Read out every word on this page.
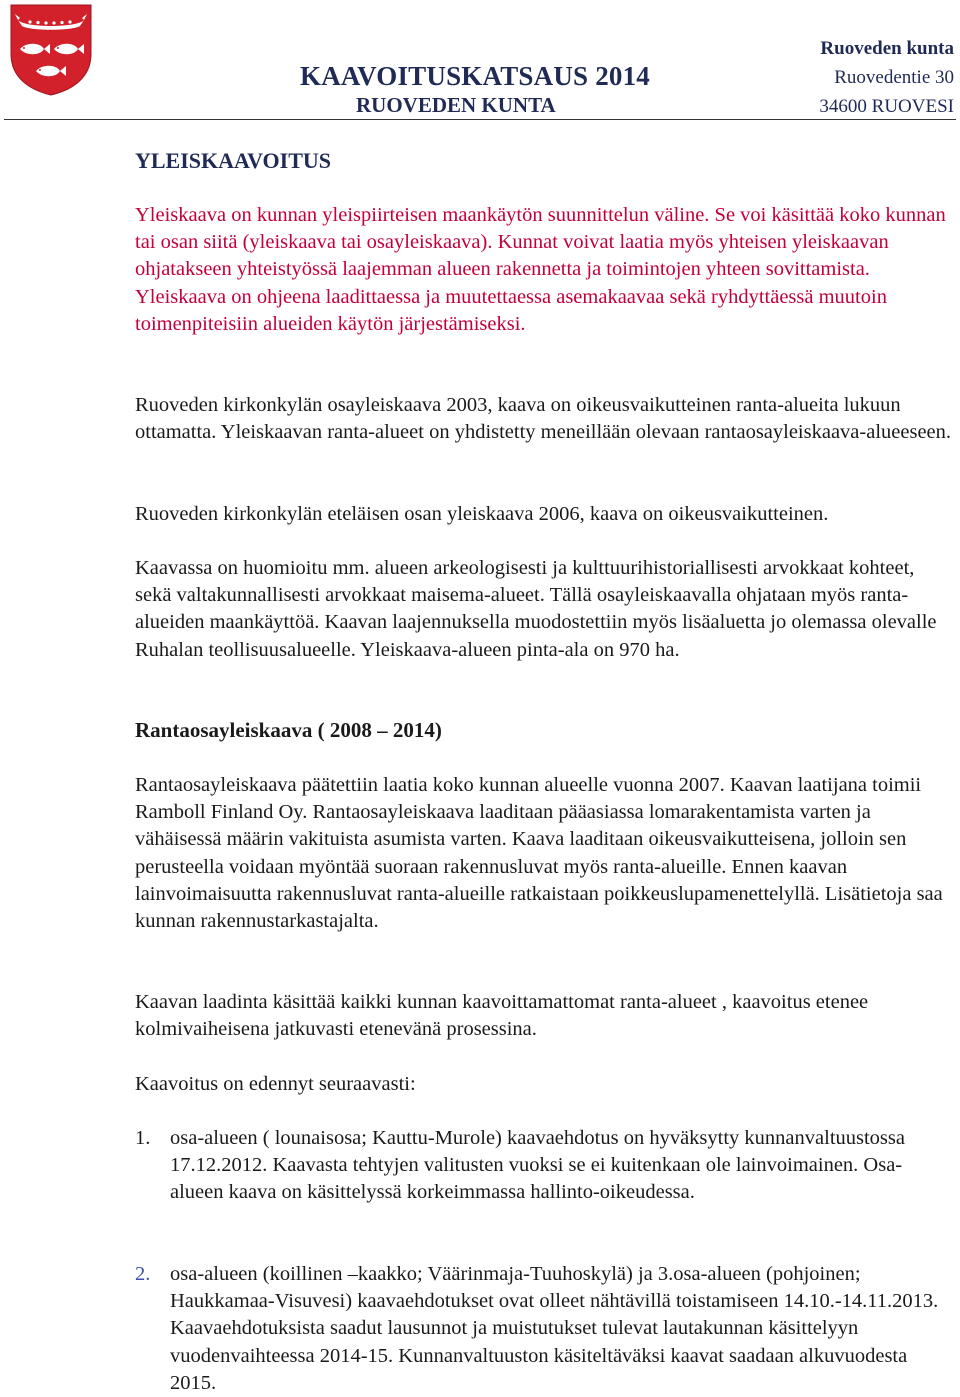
KAAVOITUSKATSAUS 2014
RUOVEDEN KUNTA
Ruoveden kunta
Ruovedentie 30
34600 RUOVESI
YLEISKAAVOITUS

Yleiskaava on kunnan yleispiirteisen maankäytön suunnittelun väline. Se voi käsittää koko kunnan tai osan siitä (yleiskaava tai osayleiskaava). Kunnat voivat laatia myös yhteisen yleiskaavan ohjatakseen yhteistyössä laajemman alueen rakennetta ja toimintojen yhteen sovittamista. Yleiskaava on ohjeena laadittaessa ja muutettaessa asemakaavaa sekä ryhdyttäessä muutoin toimenpiteisiin alueiden käytön järjestämiseksi.

Ruoveden kirkonkylän osayleiskaava 2003, kaava on oikeusvaikutteinen ranta-alueita lukuun ottamatta. Yleiskaavan ranta-alueet on yhdistetty meneillään olevaan rantaosayleiskaava-alueeseen.

Ruoveden kirkonkylän eteläisen osan yleiskaava 2006, kaava on oikeusvaikutteinen.

Kaavassa on huomioitu mm. alueen arkeologisesti ja kulttuurihistoriallisesti arvokkaat kohteet, sekä valtakunnallisesti arvokkaat maisema-alueet. Tällä osayleiskaavalla ohjataan myös ranta-alueiden maankäyttöä. Kaavan laajennuksella muodostettiin myös lisäaluetta jo olemassa olevalle Ruhalan teollisuusalueelle. Yleiskaava-alueen pinta-ala on 970 ha.

Rantaosayleiskaava ( 2008 – 2014)

Rantaosayleiskaava päätettiin laatia koko kunnan alueelle vuonna 2007. Kaavan laatijana toimii Ramboll Finland Oy. Rantaosayleiskaava laaditaan pääasiassa lomarakentamista varten ja vähäisessä määrin vakituista asumista varten. Kaava laaditaan oikeusvaikutteisena, jolloin sen perusteella voidaan myöntää suoraan rakennusluvat myös ranta-alueille. Ennen kaavan lainvoimaisuutta rakennusluvat ranta-alueille ratkaistaan poikkeuslupamenettelyllä. Lisätietoja saa kunnan rakennustarkastajalta.

Kaavan laadinta käsittää kaikki kunnan kaavoittamattomat ranta-alueet , kaavoitus etenee kolmivaiheisena jatkuvasti etenevänä prosessina.

Kaavoitus on edennyt seuraavasti:

1. osa-alueen ( lounaisosa; Kauttu-Murole) kaavaehdotus on hyväksytty kunnanvaltuustossa 17.12.2012. Kaavasta tehtyjen valitusten vuoksi se ei kuitenkaan ole lainvoimainen. Osa-alueen kaava on käsittelyssä korkeimmassa hallinto-oikeudessa.
2. osa-alueen (koillinen –kaakko; Väärinmaja-Tuuhoskylä) ja 3.osa-alueen (pohjoinen; Haukkamaa-Visuvesi) kaavaehdotukset ovat olleet nähtävillä toistamiseen 14.10.-14.11.2013. Kaavaehdotuksista saadut lausunnot ja muistutukset tulevat lautakunnan käsittelyyn vuodenvaihteessa 2014-15. Kunnanvaltuuston käsiteltäväksi kaavat saadaan alkuvuodesta 2015.
